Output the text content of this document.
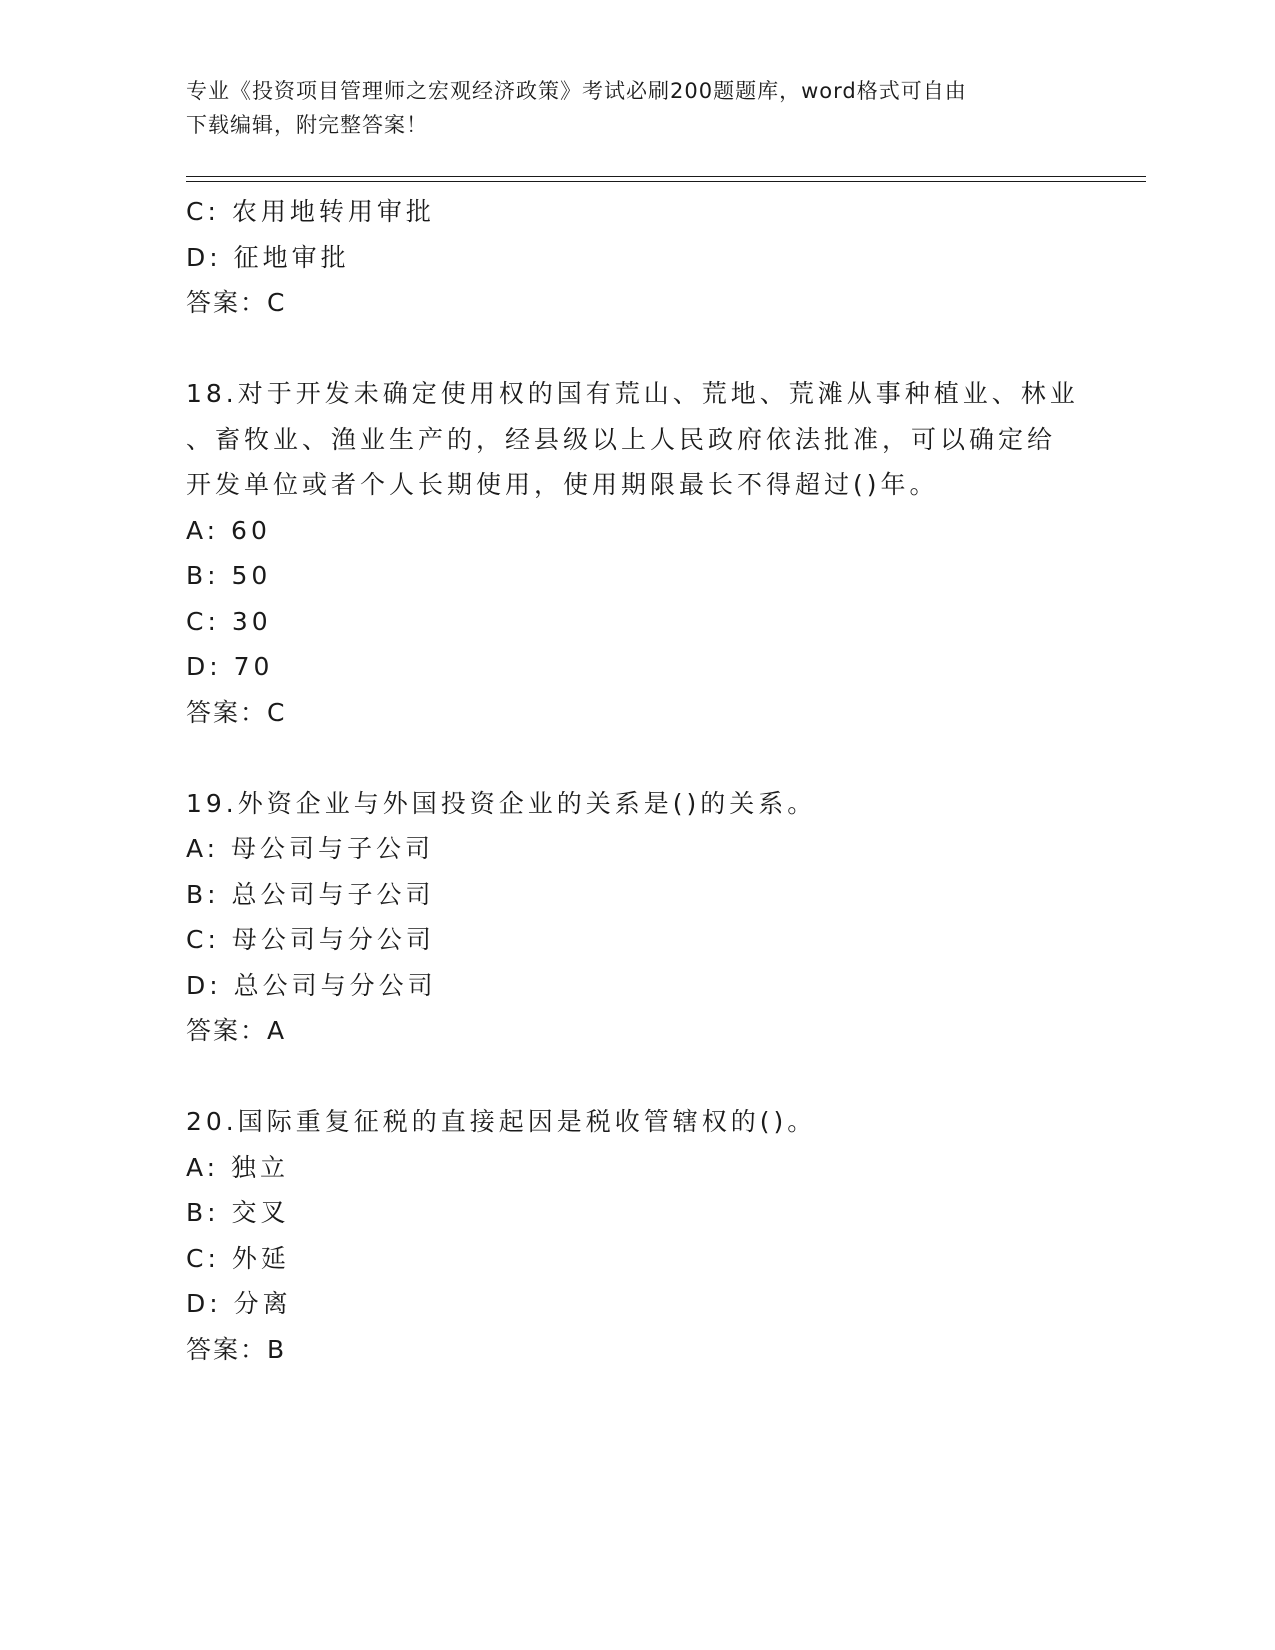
专业《投资项目管理师之宏观经济政策》考试必刷200题题库，word格式可自由
下载编辑，附完整答案！
C: 农用地转用审批
D: 征地审批
答案：C
18.对于开发未确定使用权的国有荒山、荒地、荒滩从事种植业、林业
、畜牧业、渔业生产的，经县级以上人民政府依法批准，可以确定给
开发单位或者个人长期使用，使用期限最长不得超过()年。
A: 60
B: 50
C: 30
D: 70
答案：C
19.外资企业与外国投资企业的关系是()的关系。
A: 母公司与子公司
B: 总公司与子公司
C: 母公司与分公司
D: 总公司与分公司
答案：A
20.国际重复征税的直接起因是税收管辖权的()。
A: 独立
B: 交叉
C: 外延
D: 分离
答案：B
